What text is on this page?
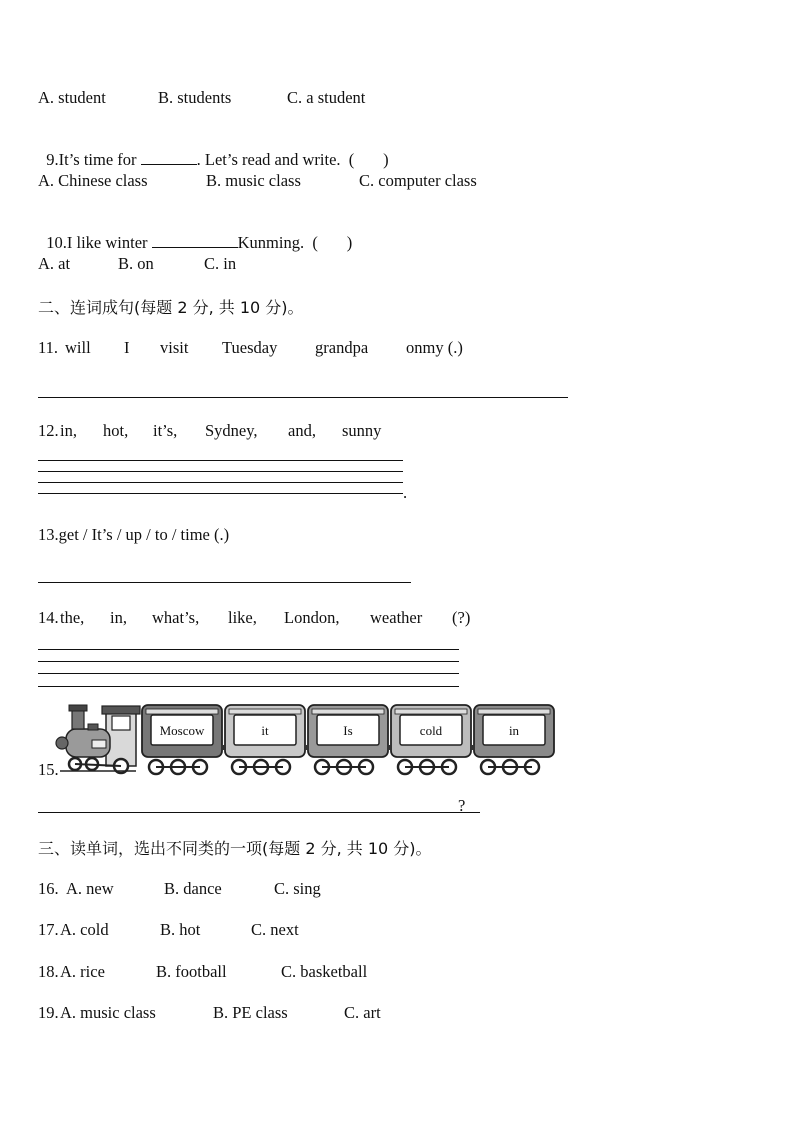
A. student	B. students	C. a student

9.It’s time for	. Let’s read and write.  (       )

A. Chinese class	B. music class	C. computer class

10.I like winter	Kunming.  (       )

A. at	B. on	C. in
二、连词成句(每题 2 分, 共 10 分)。
11. will I visit Tuesday grandpa onmy (.)
12. in, hot, it’s, Sydney, and, sunny
.
13.get / It’s / up / to / time (.)
14. the, in, what’s, like, London, weather (?)
15.
Moscow	it	Is	cold	in
?
三、读单词，选出不同类的一项(每题 2 分, 共 10 分)。
16. A. new	B. dance	C. sing
17. A. cold	B. hot	C. next
18. A. rice	B. football	C. basketball
19. A. music class	B. PE class	C. art
